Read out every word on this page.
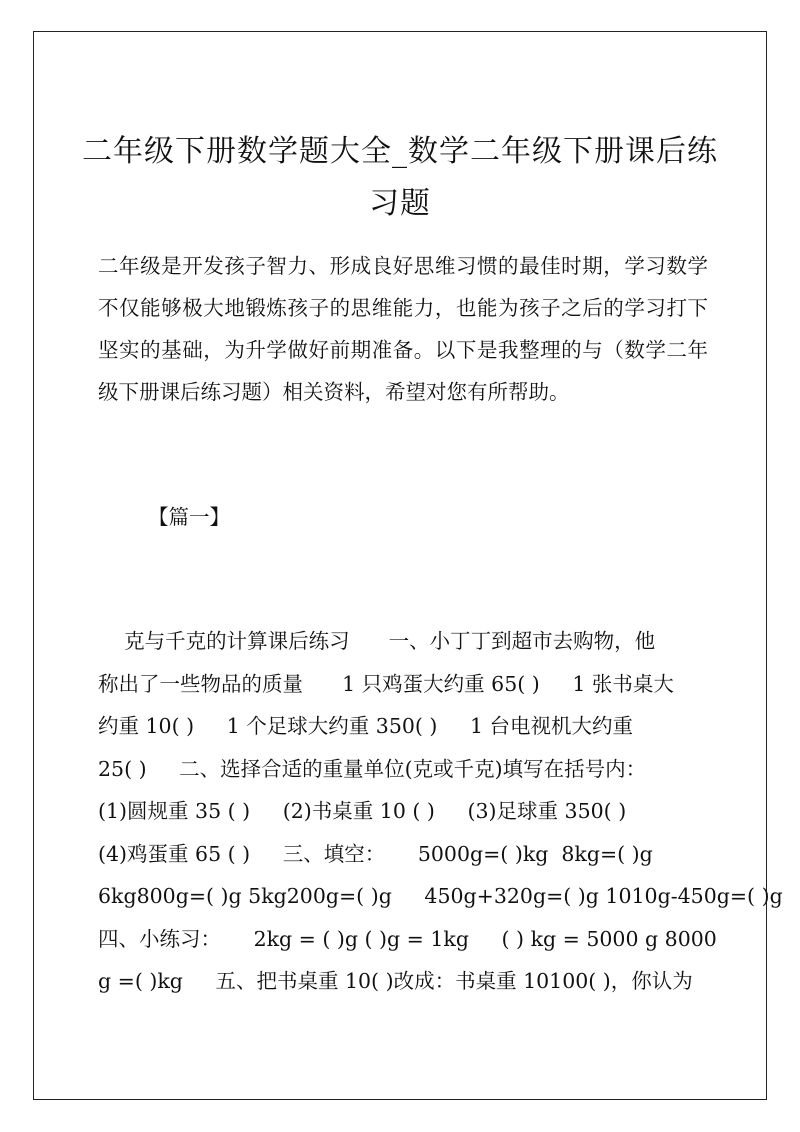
二年级下册数学题大全_数学二年级下册课后练
习题

二年级是开发孩子智力、形成良好思维习惯的最佳时期，学习数学不仅能够极大地锻炼孩子的思维能力，也能为孩子之后的学习打下坚实的基础，为升学做好前期准备。以下是我整理的与（数学二年级下册课后练习题）相关资料，希望对您有所帮助。

【篇一】

克与千克的计算课后练习      一、小丁丁到超市去购物，他
称出了一些物品的质量      1 只鸡蛋大约重 65( )     1 张书桌大
约重 10( )     1 个足球大约重 350( )     1 台电视机大约重
25( )     二、选择合适的重量单位(克或千克)填写在括号内：
(1)圆规重 35 ( )     (2)书桌重 10 ( )     (3)足球重 350( )
(4)鸡蛋重 65 ( )     三、填空：     5000g=( )kg  8kg=( )g
6kg800g=( )g 5kg200g=( )g     450g+320g=( )g 1010g-450g=( )g
四、小练习：     2kg = ( )g ( )g = 1kg     ( ) kg = 5000 g 8000
g =( )kg     五、把书桌重 10( )改成：书桌重 10100( )，你认为
